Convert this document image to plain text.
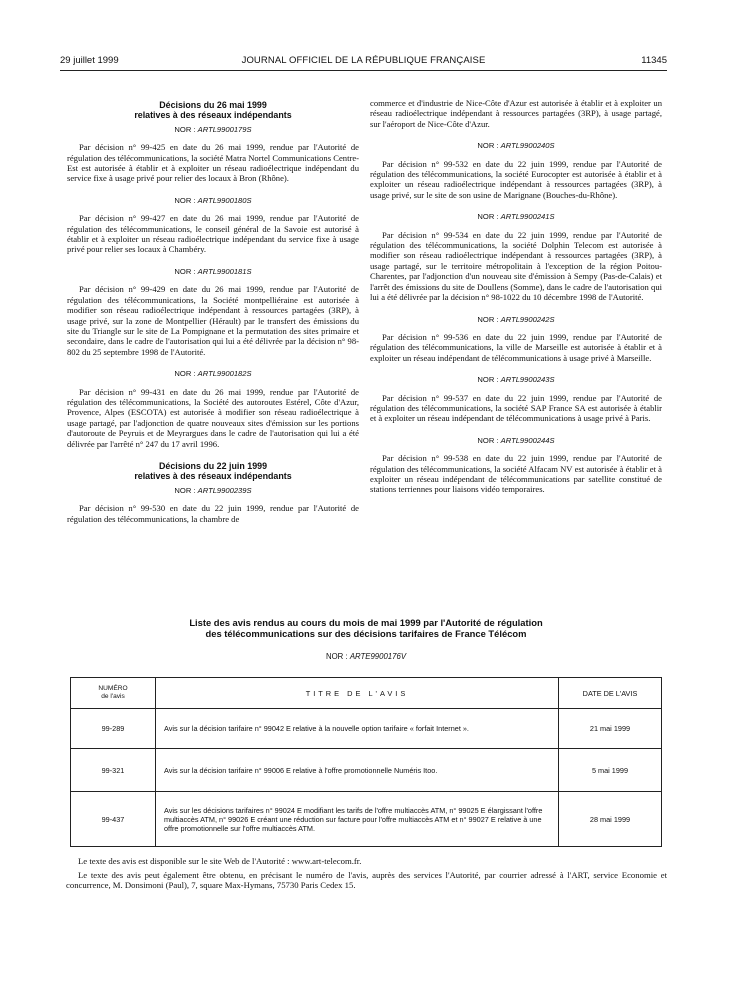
29 juillet 1999	JOURNAL OFFICIEL DE LA RÉPUBLIQUE FRANÇAISE	11345

Décisions du 26 mai 1999

relatives à des réseaux indépendants

NOR : ARTL9900179S

Par décision n° 99-425 en date du 26 mai 1999, rendue par l'Autorité de régulation des télécommunications, la société Matra Nortel Communications Centre-Est est autorisée à établir et à exploiter un réseau radioélectrique indépendant du service fixe à usage privé pour relier des locaux à Bron (Rhône).

NOR : ARTL9900180S

Par décision n° 99-427 en date du 26 mai 1999, rendue par l'Autorité de régulation des télécommunications, le conseil général de la Savoie est autorisé à établir et à exploiter un réseau radioélectrique indépendant du service fixe à usage privé pour relier ses locaux à Chambéry.

NOR : ARTL9900181S

Par décision n° 99-429 en date du 26 mai 1999, rendue par l'Autorité de régulation des télécommunications, la Société montpelliéraine est autorisée à modifier son réseau radioélectrique indépendant à ressources partagées (3RP), à usage privé, sur la zone de Montpellier (Hérault) par le transfert des émissions du site du Triangle sur le site de La Pompignane et la permutation des sites primaire et secondaire, dans le cadre de l'autorisation qui lui a été délivrée par la décision n° 98-802 du 25 septembre 1998 de l'Autorité.

NOR : ARTL9900182S

Par décision n° 99-431 en date du 26 mai 1999, rendue par l'Autorité de régulation des télécommunications, la Société des autoroutes Estérel, Côte d'Azur, Provence, Alpes (ESCOTA) est autorisée à modifier son réseau radioélectrique à usage partagé, par l'adjonction de quatre nouveaux sites d'émission sur les portions d'autoroute de Peyruis et de Meyrargues dans le cadre de l'autorisation qui lui a été délivrée par l'arrêté n° 247 du 17 avril 1996.

Décisions du 22 juin 1999

relatives à des réseaux indépendants

NOR : ARTL9900239S

Par décision n° 99-530 en date du 22 juin 1999, rendue par l'Autorité de régulation des télécommunications, la chambre de

commerce et d'industrie de Nice-Côte d'Azur est autorisée à établir et à exploiter un réseau radioélectrique indépendant à ressources partagées (3RP), à usage partagé, sur l'aéroport de Nice-Côte d'Azur.

NOR : ARTL9900240S

Par décision n° 99-532 en date du 22 juin 1999, rendue par l'Autorité de régulation des télécommunications, la société Eurocopter est autorisée à établir et à exploiter un réseau radioélectrique indépendant à ressources partagées (3RP), à usage privé, sur le site de son usine de Marignane (Bouches-du-Rhône).

NOR : ARTL9900241S

Par décision n° 99-534 en date du 22 juin 1999, rendue par l'Autorité de régulation des télécommunications, la société Dolphin Telecom est autorisée à modifier son réseau radioélectrique indépendant à ressources partagées (3RP), à usage partagé, sur le territoire métropolitain à l'exception de la région Poitou-Charentes, par l'adjonction d'un nouveau site d'émission à Sempy (Pas-de-Calais) et l'arrêt des émissions du site de Doullens (Somme), dans le cadre de l'autorisation qui lui a été délivrée par la décision n° 98-1022 du 10 décembre 1998 de l'Autorité.

NOR : ARTL9900242S

Par décision n° 99-536 en date du 22 juin 1999, rendue par l'Autorité de régulation des télécommunications, la ville de Marseille est autorisée à établir et à exploiter un réseau indépendant de télécommunications à usage privé à Marseille.

NOR : ARTL9900243S

Par décision n° 99-537 en date du 22 juin 1999, rendue par l'Autorité de régulation des télécommunications, la société SAP France SA est autorisée à établir et à exploiter un réseau indépendant de télécommunications à usage privé à Paris.

NOR : ARTL9900244S

Par décision n° 99-538 en date du 22 juin 1999, rendue par l'Autorité de régulation des télécommunications, la société Alfacam NV est autorisée à établir et à exploiter un réseau indépendant de télécommunications par satellite constitué de stations terriennes pour liaisons vidéo temporaires.

Liste des avis rendus au cours du mois de mai 1999 par l'Autorité de régulation
des télécommunications sur des décisions tarifaires de France Télécom
NOR : ARTE9900176V
NUMÉRO
de l'avis	TITRE DE L'AVIS	DATE DE L'AVIS
99-289	Avis sur la décision tarifaire n° 99042 E relative à la nouvelle option tarifaire « forfait Internet ».	21 mai 1999
99-321	Avis sur la décision tarifaire n° 99006 E relative à l'offre promotionnelle Numéris Itoo.	5 mai 1999
99-437	Avis sur les décisions tarifaires n° 99024 E modifiant les tarifs de l'offre multiaccès ATM, n° 99025 E élargissant l'offre multiaccès ATM, n° 99026 E créant une réduction sur facture pour l'offre multiaccès ATM et n° 99027 E relative à une offre promotionnelle sur l'offre multiaccès ATM.	28 mai 1999
Le texte des avis est disponible sur le site Web de l'Autorité : www.art-telecom.fr.
Le texte des avis peut également être obtenu, en précisant le numéro de l'avis, auprès des services l'Autorité, par courrier adressé à l'ART, service Economie et concurrence, M. Donsimoni (Paul), 7, square Max-Hymans, 75730 Paris Cedex 15.
